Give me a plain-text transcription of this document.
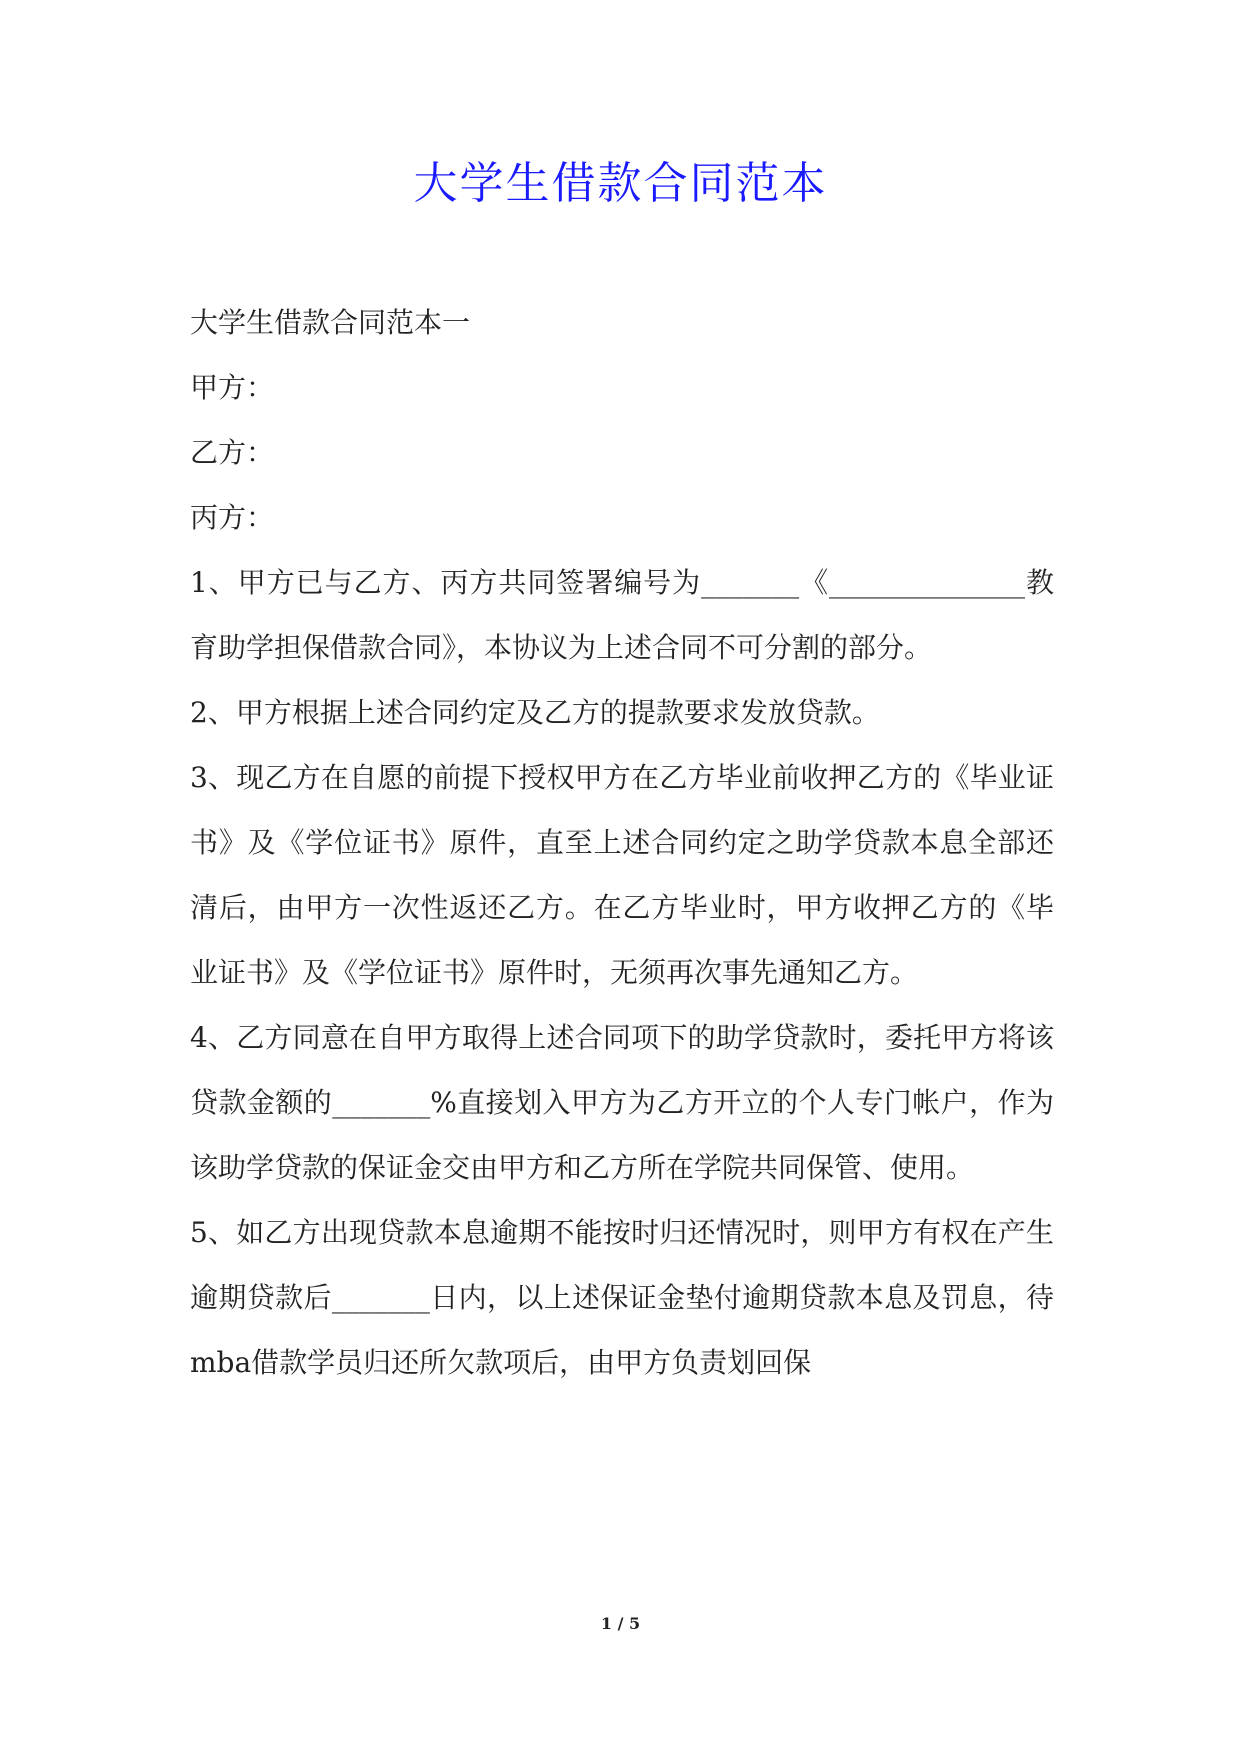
大学生借款合同范本

大学生借款合同范本一

甲方：

乙方：

丙方：

1、甲方已与乙方、丙方共同签署编号为_______《______________教育助学担保借款合同》，本协议为上述合同不可分割的部分。

2、甲方根据上述合同约定及乙方的提款要求发放贷款。

3、现乙方在自愿的前提下授权甲方在乙方毕业前收押乙方的《毕业证书》及《学位证书》原件，直至上述合同约定之助学贷款本息全部还清后，由甲方一次性返还乙方。在乙方毕业时，甲方收押乙方的《毕业证书》及《学位证书》原件时，无须再次事先通知乙方。

4、乙方同意在自甲方取得上述合同项下的助学贷款时，委托甲方将该贷款金额的_______%直接划入甲方为乙方开立的个人专门帐户，作为该助学贷款的保证金交由甲方和乙方所在学院共同保管、使用。

5、如乙方出现贷款本息逾期不能按时归还情况时，则甲方有权在产生逾期贷款后_______日内，以上述保证金垫付逾期贷款本息及罚息，待mba借款学员归还所欠款项后，由甲方负责划回保

1 / 5
